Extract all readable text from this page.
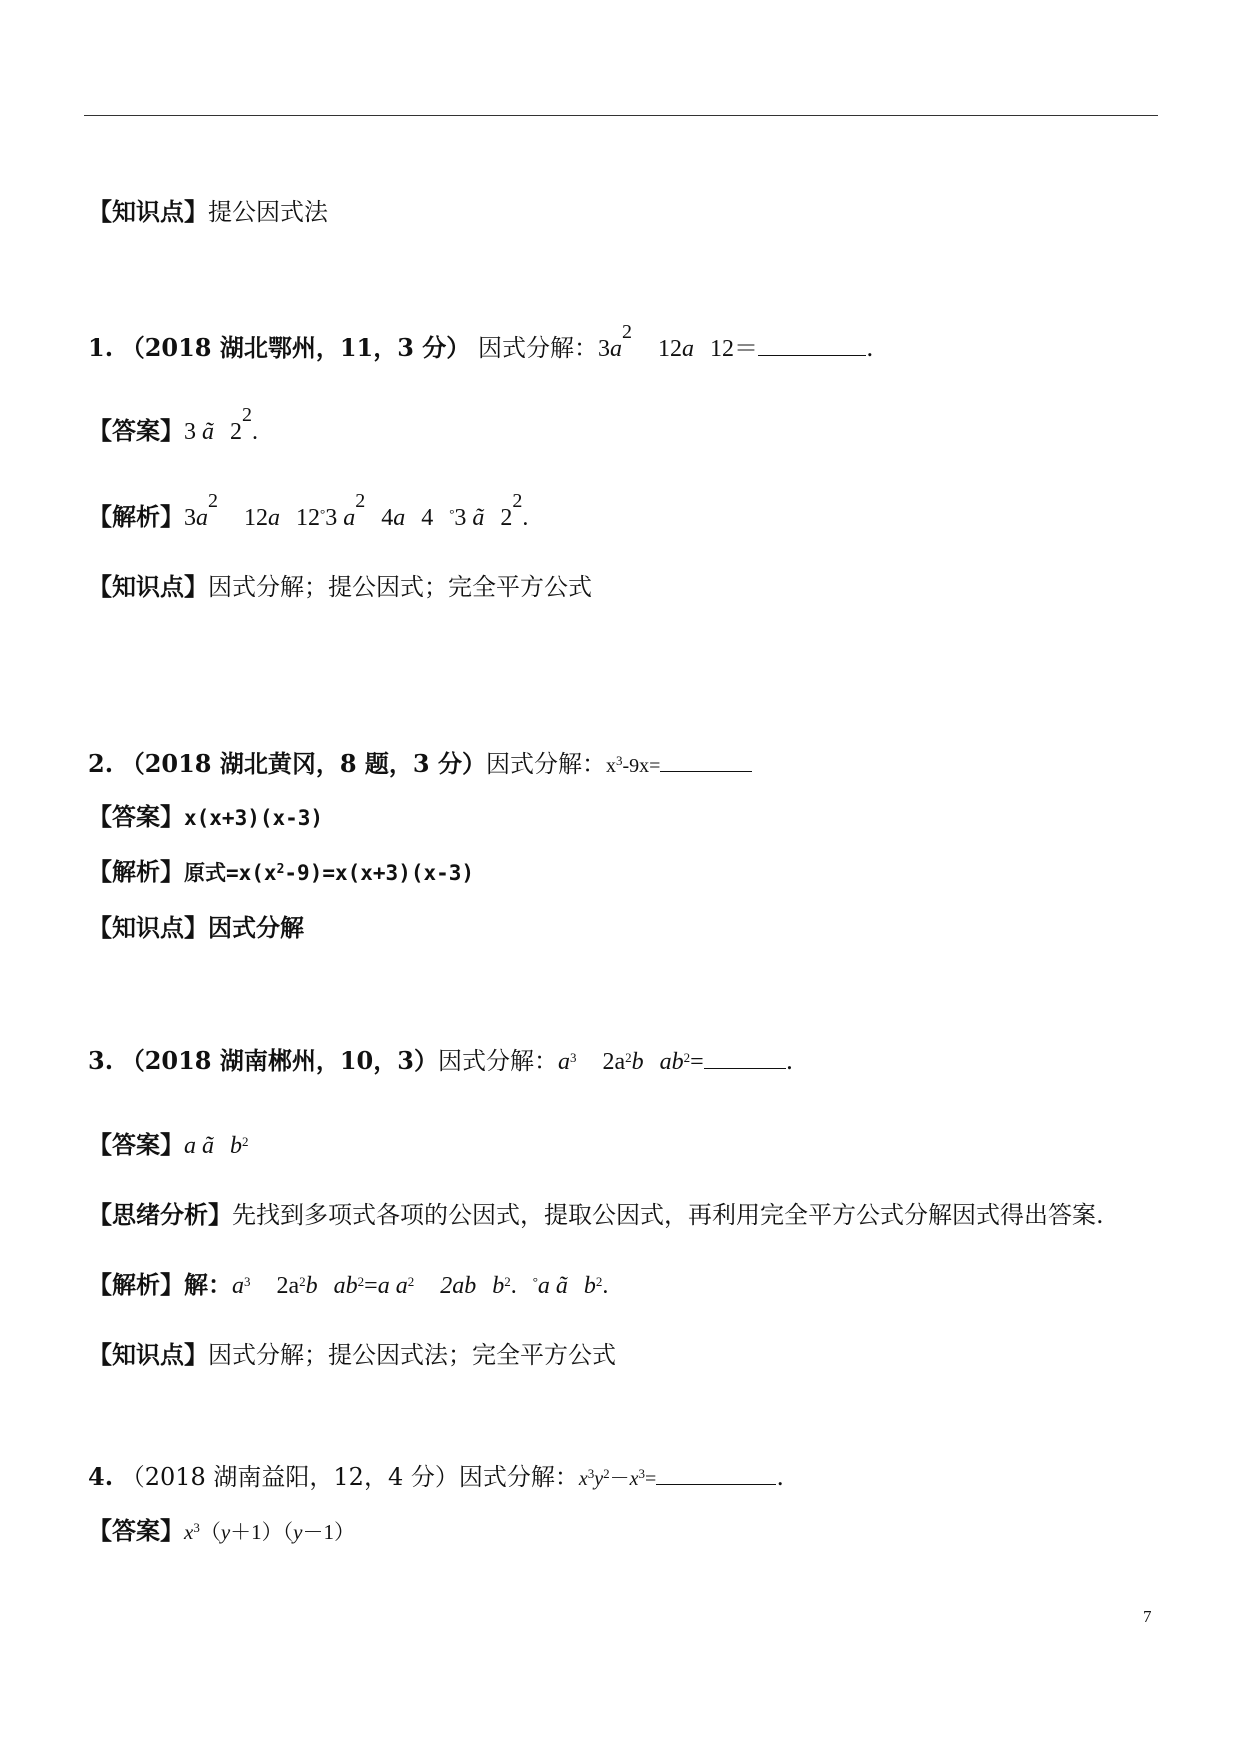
【知识点】提公因式法
1. （2018 湖北鄂州，11，3 分） 因式分解：$3a^212a$ 12＝	.
【答案】3 ã $2^2$.
【解析】$3a^212a$ 12°3 $a^24a$ 4 °3 ã $2^2$.
【知识点】因式分解；提公因式；完全平方公式
2. （2018 湖北黄冈，8 题，3 分）因式分解：$x^3-9x=$
【答案】x(x+3)(x-3)
【解析】原式$=x(x^2-9)=x(x+3)(x-3)$
【知识点】因式分解
3. （2018 湖南郴州，10，3）因式分解：$a^3$ $2a^2b$ $ab^2=$	.
【答案】a ã $b^2$
【思绪分析】先找到多项式各项的公因式，提取公因式，再利用完全平方公式分解因式得出答案.
【解析】解：$a^3$ $2a^2b$ $ab^2=a$ $a^2$ 2ab $b^2$. °a ã $b^2$.
【知识点】因式分解；提公因式法；完全平方公式
4. （2018 湖南益阳，12，4 分）因式分解：$x^3y^2-x^3=$	.
【答案】$x^3(y+1)(y-1)$
7
